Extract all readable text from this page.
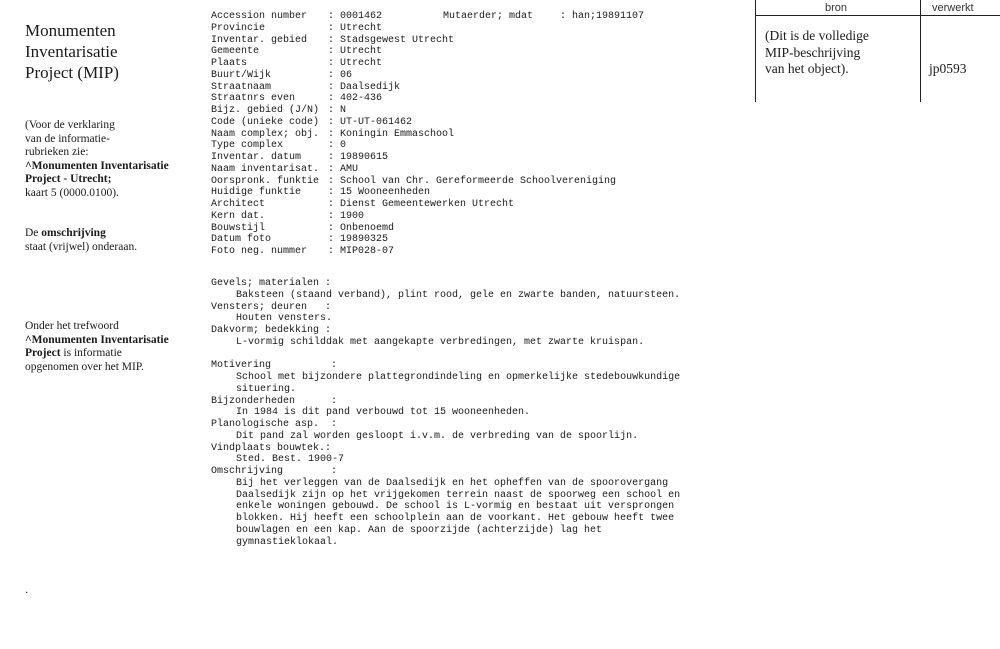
Monumenten
Inventarisatie
Project (MIP)
(Voor de verklaring
van de informatie-
rubrieken zie:
^Monumenten Inventarisatie
Project - Utrecht;
kaart 5 (0000.0100).
De omschrijving
staat (vrijwel) onderaan.
Onder het trefwoord
^Monumenten Inventarisatie
Project is informatie
opgenomen over het MIP.
.
bron	verwerkt
(Dit is de volledige
MIP-beschrijving
van het object).	jp0593
Mutaerder; mdat	: han;19891107
Accession number : 0001462
Provincie	: Utrecht
Inventar. gebied : Stadsgewest Utrecht
Gemeente	: Utrecht
Plaats	: Utrecht
Buurt/Wijk	: 06
Straatnaam	: Daalsedijk
Straatnrs even	: 402-436
Bijz. gebied (J/N) : N
Code (unieke code) : UT-UT-061462
Naam complex; obj. : Koningin Emmaschool
Type complex	: 0
Inventar. datum	: 19890615
Naam inventarisat. : AMU
Oorspronk. funktie : School van Chr. Gereformeerde Schoolvereniging
Huidige funktie	: 15 Wooneenheden
Architect	: Dienst Gemeentewerken Utrecht
Kern dat.	: 1900
Bouwstijl	: Onbenoemd
Datum foto	: 19890325
Foto neg. nummer : MIP028-07
Gevels; materialen :
Baksteen (staand verband), plint rood, gele en zwarte banden, natuursteen.
Vensters; deuren   :
Houten vensters.
Dakvorm; bedekking :
L-vormig schilddak met aangekapte verbredingen, met zwarte kruispan.
Motivering          :
School met bijzondere plattegrondindeling en opmerkelijke stedebouwkundige
situering.
Bijzonderheden      :
In 1984 is dit pand verbouwd tot 15 wooneenheden.
Planologische asp.  :
Dit pand zal worden gesloopt i.v.m. de verbreding van de spoorlijn.
Vindplaats bouwtek.:
Sted. Best. 1900-7
Omschrijving        :
Bij het verleggen van de Daalsedijk en het opheffen van de spoorovergang
Daalsedijk zijn op het vrijgekomen terrein naast de spoorweg een school en
enkele woningen gebouwd. De school is L-vormig en bestaat uit versprongen
blokken. Hij heeft een schoolplein aan de voorkant. Het gebouw heeft twee
bouwlagen en een kap. Aan de spoorzijde (achterzijde) lag het
gymnastieklokaal.
